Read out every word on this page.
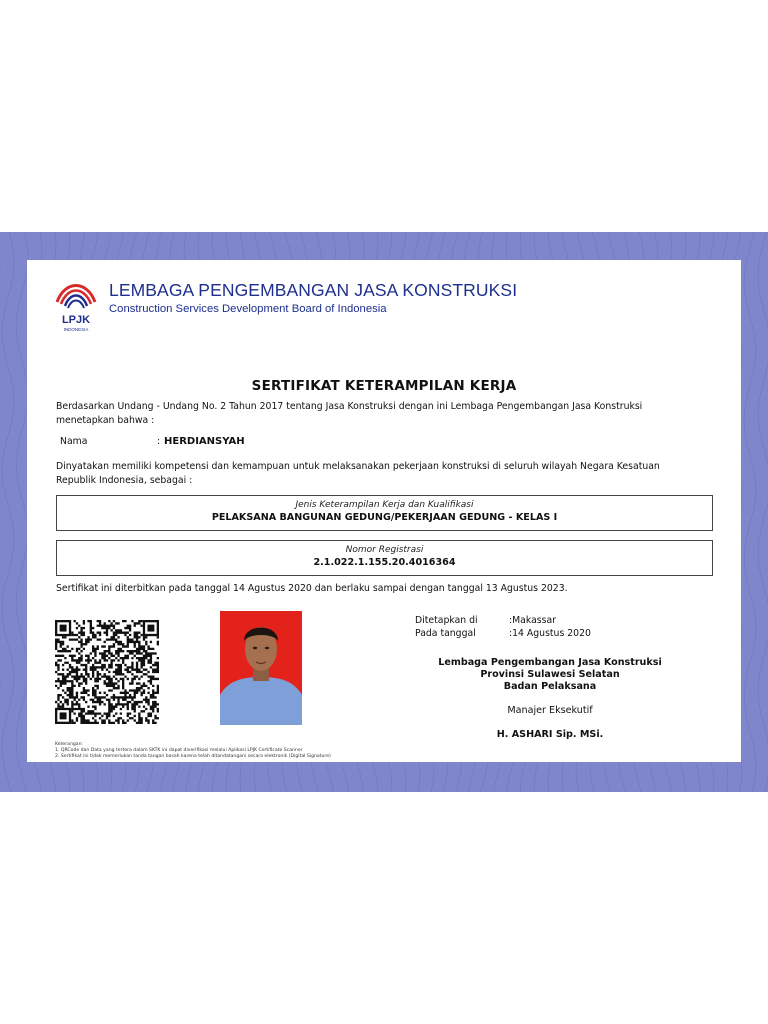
LPJK
INDONESIA
LEMBAGA PENGEMBANGAN JASA KONSTRUKSI
Construction Services Development Board of Indonesia
SERTIFIKAT KETERAMPILAN KERJA
Berdasarkan Undang - Undang No. 2 Tahun 2017 tentang Jasa Konstruksi dengan ini Lembaga Pengembangan Jasa Konstruksi menetapkan bahwa :
Nama	: HERDIANSYAH
Dinyatakan memiliki kompetensi dan kemampuan untuk melaksanakan pekerjaan konstruksi di seluruh wilayah Negara Kesatuan Republik Indonesia, sebagai :
Jenis Keterampilan Kerja dan Kualifikasi
PELAKSANA BANGUNAN GEDUNG/PEKERJAAN GEDUNG - KELAS I
Nomor Registrasi
2.1.022.1.155.20.4016364
Sertifikat ini diterbitkan pada tanggal 14 Agustus 2020 dan berlaku sampai dengan tanggal 13 Agustus 2023.
Ditetapkan di	:Makassar
Pada tanggal	:14 Agustus 2020
Lembaga Pengembangan Jasa Konstruksi
Provinsi Sulawesi Selatan
Badan Pelaksana
Manajer Eksekutif
H. ASHARI Sip. MSi.
Keterangan:
1. QRCode dan Data yang tertera dalam SKTK ini dapat diverifikasi melalui Aplikasi LPJK Certificate Scanner
2. Sertifikat ini tidak memerlukan tanda tangan basah karena telah ditandatangani secara elektronik (Digital Signature)
